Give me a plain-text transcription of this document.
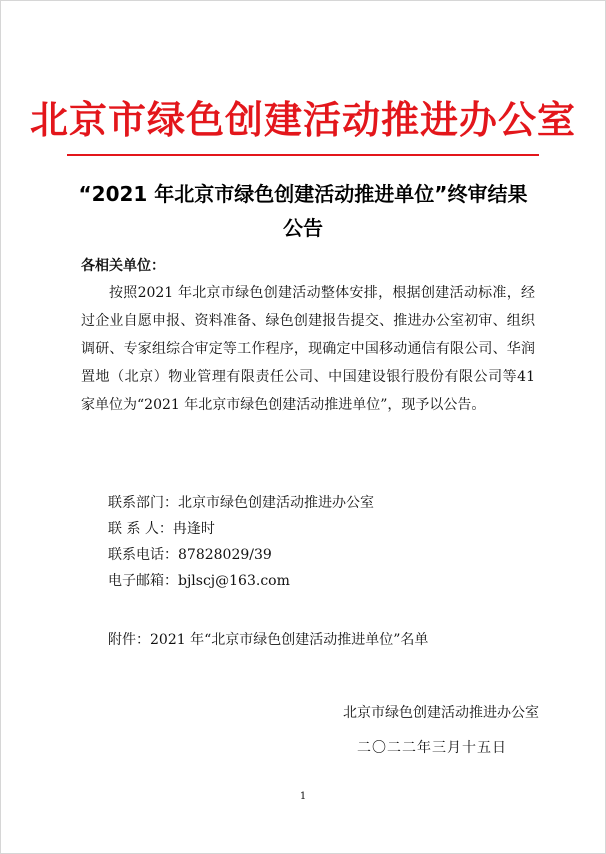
北京市绿色创建活动推进办公室
“2021 年北京市绿色创建活动推进单位”终审结果公告
各相关单位：
按照2021 年北京市绿色创建活动整体安排，根据创建活动标准，经过企业自愿申报、资料准备、绿色创建报告提交、推进办公室初审、组织调研、专家组综合审定等工作程序，现确定中国移动通信有限公司、华润置地（北京）物业管理有限责任公司、中国建设银行股份有限公司等41 家单位为“2021 年北京市绿色创建活动推进单位”，现予以公告。
联系部门：北京市绿色创建活动推进办公室
联 系 人：冉逢时
联系电话：87828029/39
电子邮箱：bjlscj@163.com
附件：2021 年“北京市绿色创建活动推进单位”名单
北京市绿色创建活动推进办公室
二〇二二年三月十五日
1
